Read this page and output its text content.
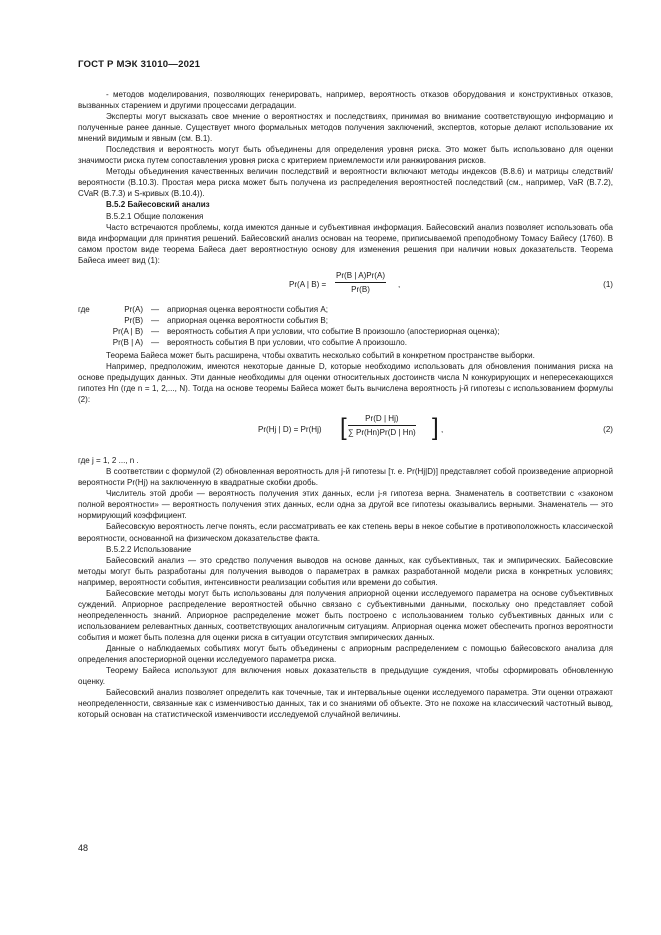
ГОСТ Р МЭК 31010—2021

- методов моделирования, позволяющих генерировать, например, вероятность отказов оборудования и конструктивных отказов, вызванных старением и другими процессами деградации.

Эксперты могут высказать свое мнение о вероятностях и последствиях, принимая во внимание соответствующую информацию и полученные ранее данные. Существует много формальных методов получения заключений, экспертов, которые делают использование их мнений видимым и явным (см. B.1).

Последствия и вероятность могут быть объединены для определения уровня риска. Это может быть использовано для оценки значимости риска путем сопоставления уровня риска с критерием приемлемости или ранжирования рисков.

Методы объединения качественных величин последствий и вероятности включают методы индексов (B.8.6) и матрицы следствий/вероятности (B.10.3). Простая мера риска может быть получена из распределения вероятностей последствий (см., например, VaR (B.7.2), CVaR (B.7.3) и S-кривых (B.10.4)).

B.5.2 Байесовский анализ

B.5.2.1 Общие положения

Часто встречаются проблемы, когда имеются данные и субъективная информация. Байесовский анализ позволяет использовать оба вида информации для принятия решений. Байесовский анализ основан на теореме, приписываемой преподобному Томасу Байесу (1760). В самом простом виде теорема Байеса дает вероятностную основу для изменения решения при наличии новых доказательств. Теорема Байеса имеет вид (1):

Pr(A | $B) = \frac{Pr(B | A)Pr(A)}{Pr(B)}$ ,	(1)
где	Pr(A) — априорная оценка вероятности события A;
Pr(B) — априорная оценка вероятности события B;
Pr(A | B) — вероятность события A при условии, что событие B произошло (апостериорная оценка);
Pr(B | A) — вероятность события B при условии, что событие A произошло.

Теорема Байеса может быть расширена, чтобы охватить несколько событий в конкретном пространстве выборки.

Например, предположим, имеются некоторые данные D, которые необходимо использовать для обновления понимания риска на основе предыдущих данных. Эти данные необходимы для оценки относительных достоинств числа N конкурирующих и непересекающихся гипотез Hn (где n = 1, 2,..., N). Тогда на основе теоремы Байеса может быть вычислена вероятность j-й гипотезы с использованием формулы (2):

Pr(Hj | D) = Pr(Hj) [ $\frac{Pr(D | Hj)}{\sum Pr(Hn)Pr(D | Hn)}$ ] ,	(2)

где j = 1, 2 ..., n .

В соответствии с формулой (2) обновленная вероятность для j-й гипотезы [т. е. Pr(Hj|D)] представляет собой произведение априорной вероятности Pr(Hj) на заключенную в квадратные скобки дробь.

Числитель этой дроби — вероятность получения этих данных, если j-я гипотеза верна. Знаменатель в соответствии с «законом полной вероятности» — вероятность получения этих данных, если одна за другой все гипотезы оказывались верными. Знаменатель — это нормирующий коэффициент.

Байесовскую вероятность легче понять, если рассматривать ее как степень веры в некое событие в противоположность классической вероятности, основанной на физическом доказательстве факта.

B.5.2.2 Использование

Байесовский анализ — это средство получения выводов на основе данных, как субъективных, так и эмпирических. Байесовские методы могут быть разработаны для получения выводов о параметрах в рамках разработанной модели риска в конкретных условиях; например, вероятности события, интенсивности реализации события или времени до события.

Байесовские методы могут быть использованы для получения априорной оценки исследуемого параметра на основе субъективных суждений. Априорное распределение вероятностей обычно связано с субъективными данными, поскольку оно представляет собой неопределенность знаний. Априорное распределение может быть построено с использованием только субъективных данных или с использованием релевантных данных, соответствующих аналогичным ситуациям. Априорная оценка может обеспечить прогноз вероятности события и может быть полезна для оценки риска в ситуации отсутствия эмпирических данных.

Данные о наблюдаемых событиях могут быть объединены с априорным распределением с помощью байесовского анализа для определения апостериорной оценки исследуемого параметра риска.

Теорему Байеса используют для включения новых доказательств в предыдущие суждения, чтобы сформировать обновленную оценку.

Байесовский анализ позволяет определить как точечные, так и интервальные оценки исследуемого параметра. Эти оценки отражают неопределенности, связанные как с изменчивостью данных, так и со знаниями об объекте. Это не похоже на классический частотный вывод, который основан на статистической изменчивости исследуемой случайной величины.

48
